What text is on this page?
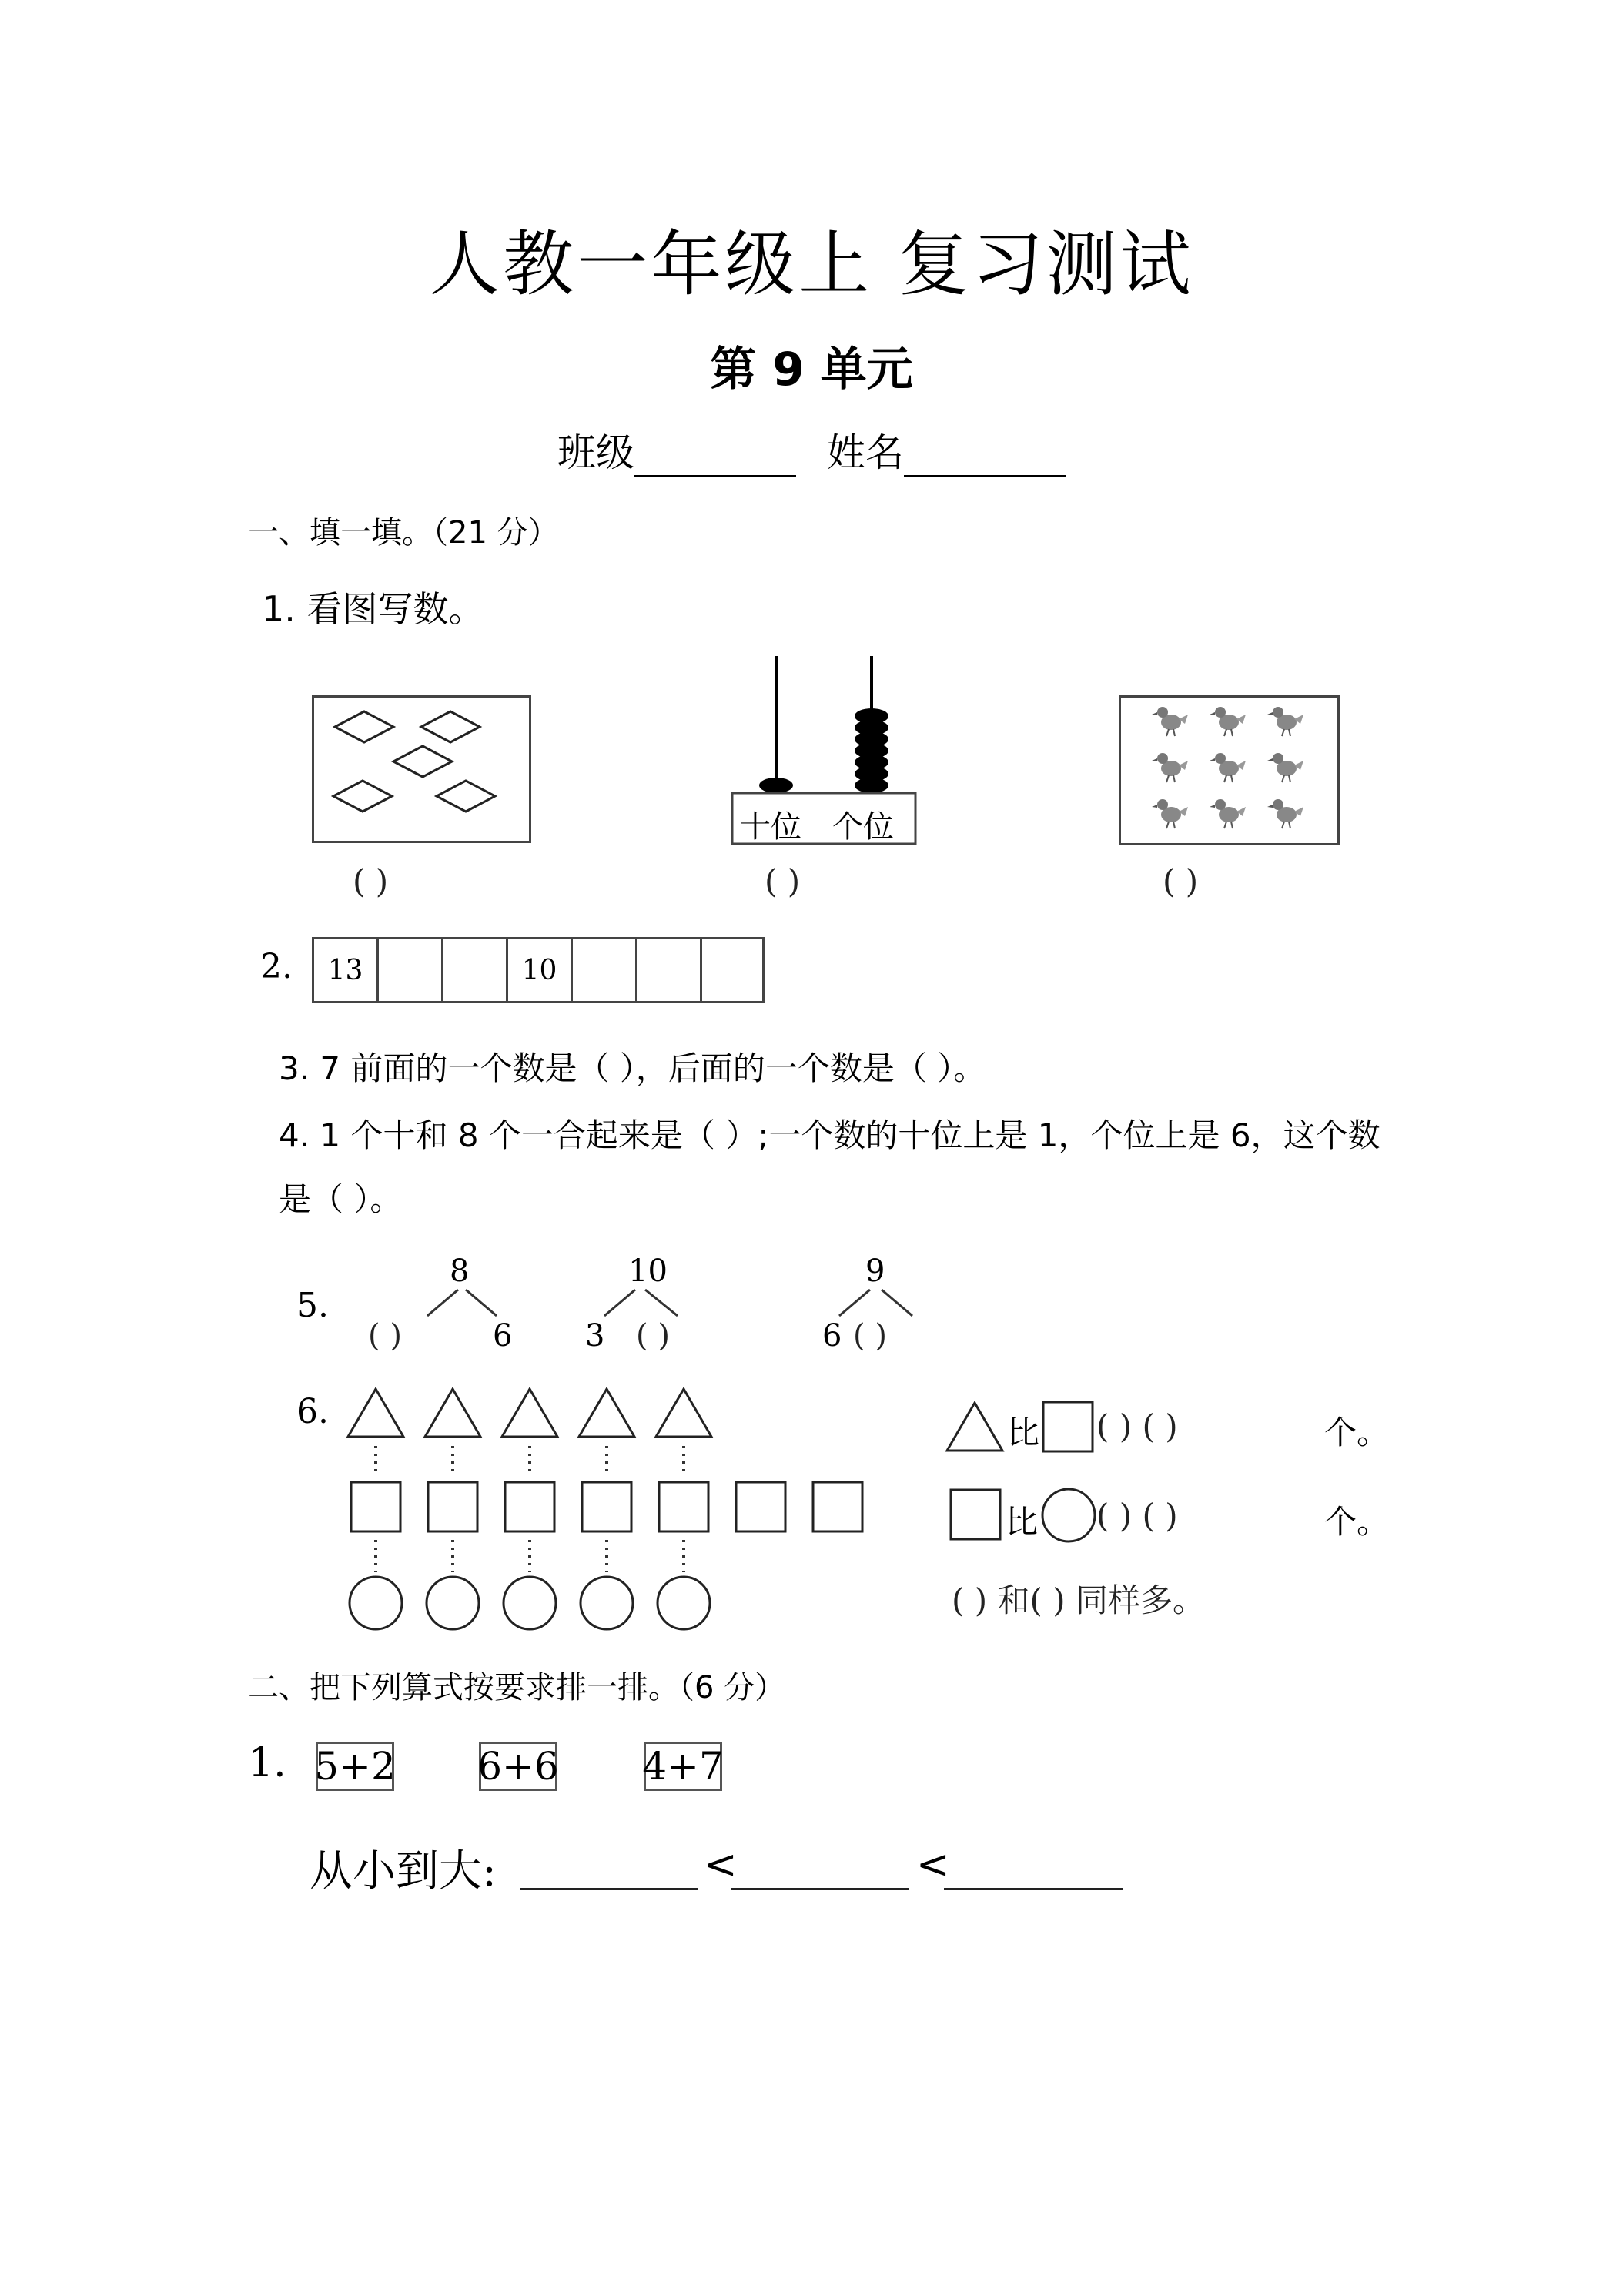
人教一年级上 复习测试
第 9 单元
班级	姓名
一、填一填。（21 分）
1. 看图写数。
( )
十位 个位
( )	( )
2.	13	10
3. 7 前面的一个数是（ ），后面的一个数是（ ）。
4. 1 个十和 8 个一合起来是（ ）;一个数的十位上是 1，个位上是 6，这个数
是（ ）。
5.
8	10	9
( )	6 3 ( )	6 ( )
6.
比 ( ) ( )	个。
比 ( ) ( )	个。
( ) 和( ) 同样多。
二、把下列算式按要求排一排。（6 分）
1. 5+2 6+6 4+7
从小到大:	<	<
